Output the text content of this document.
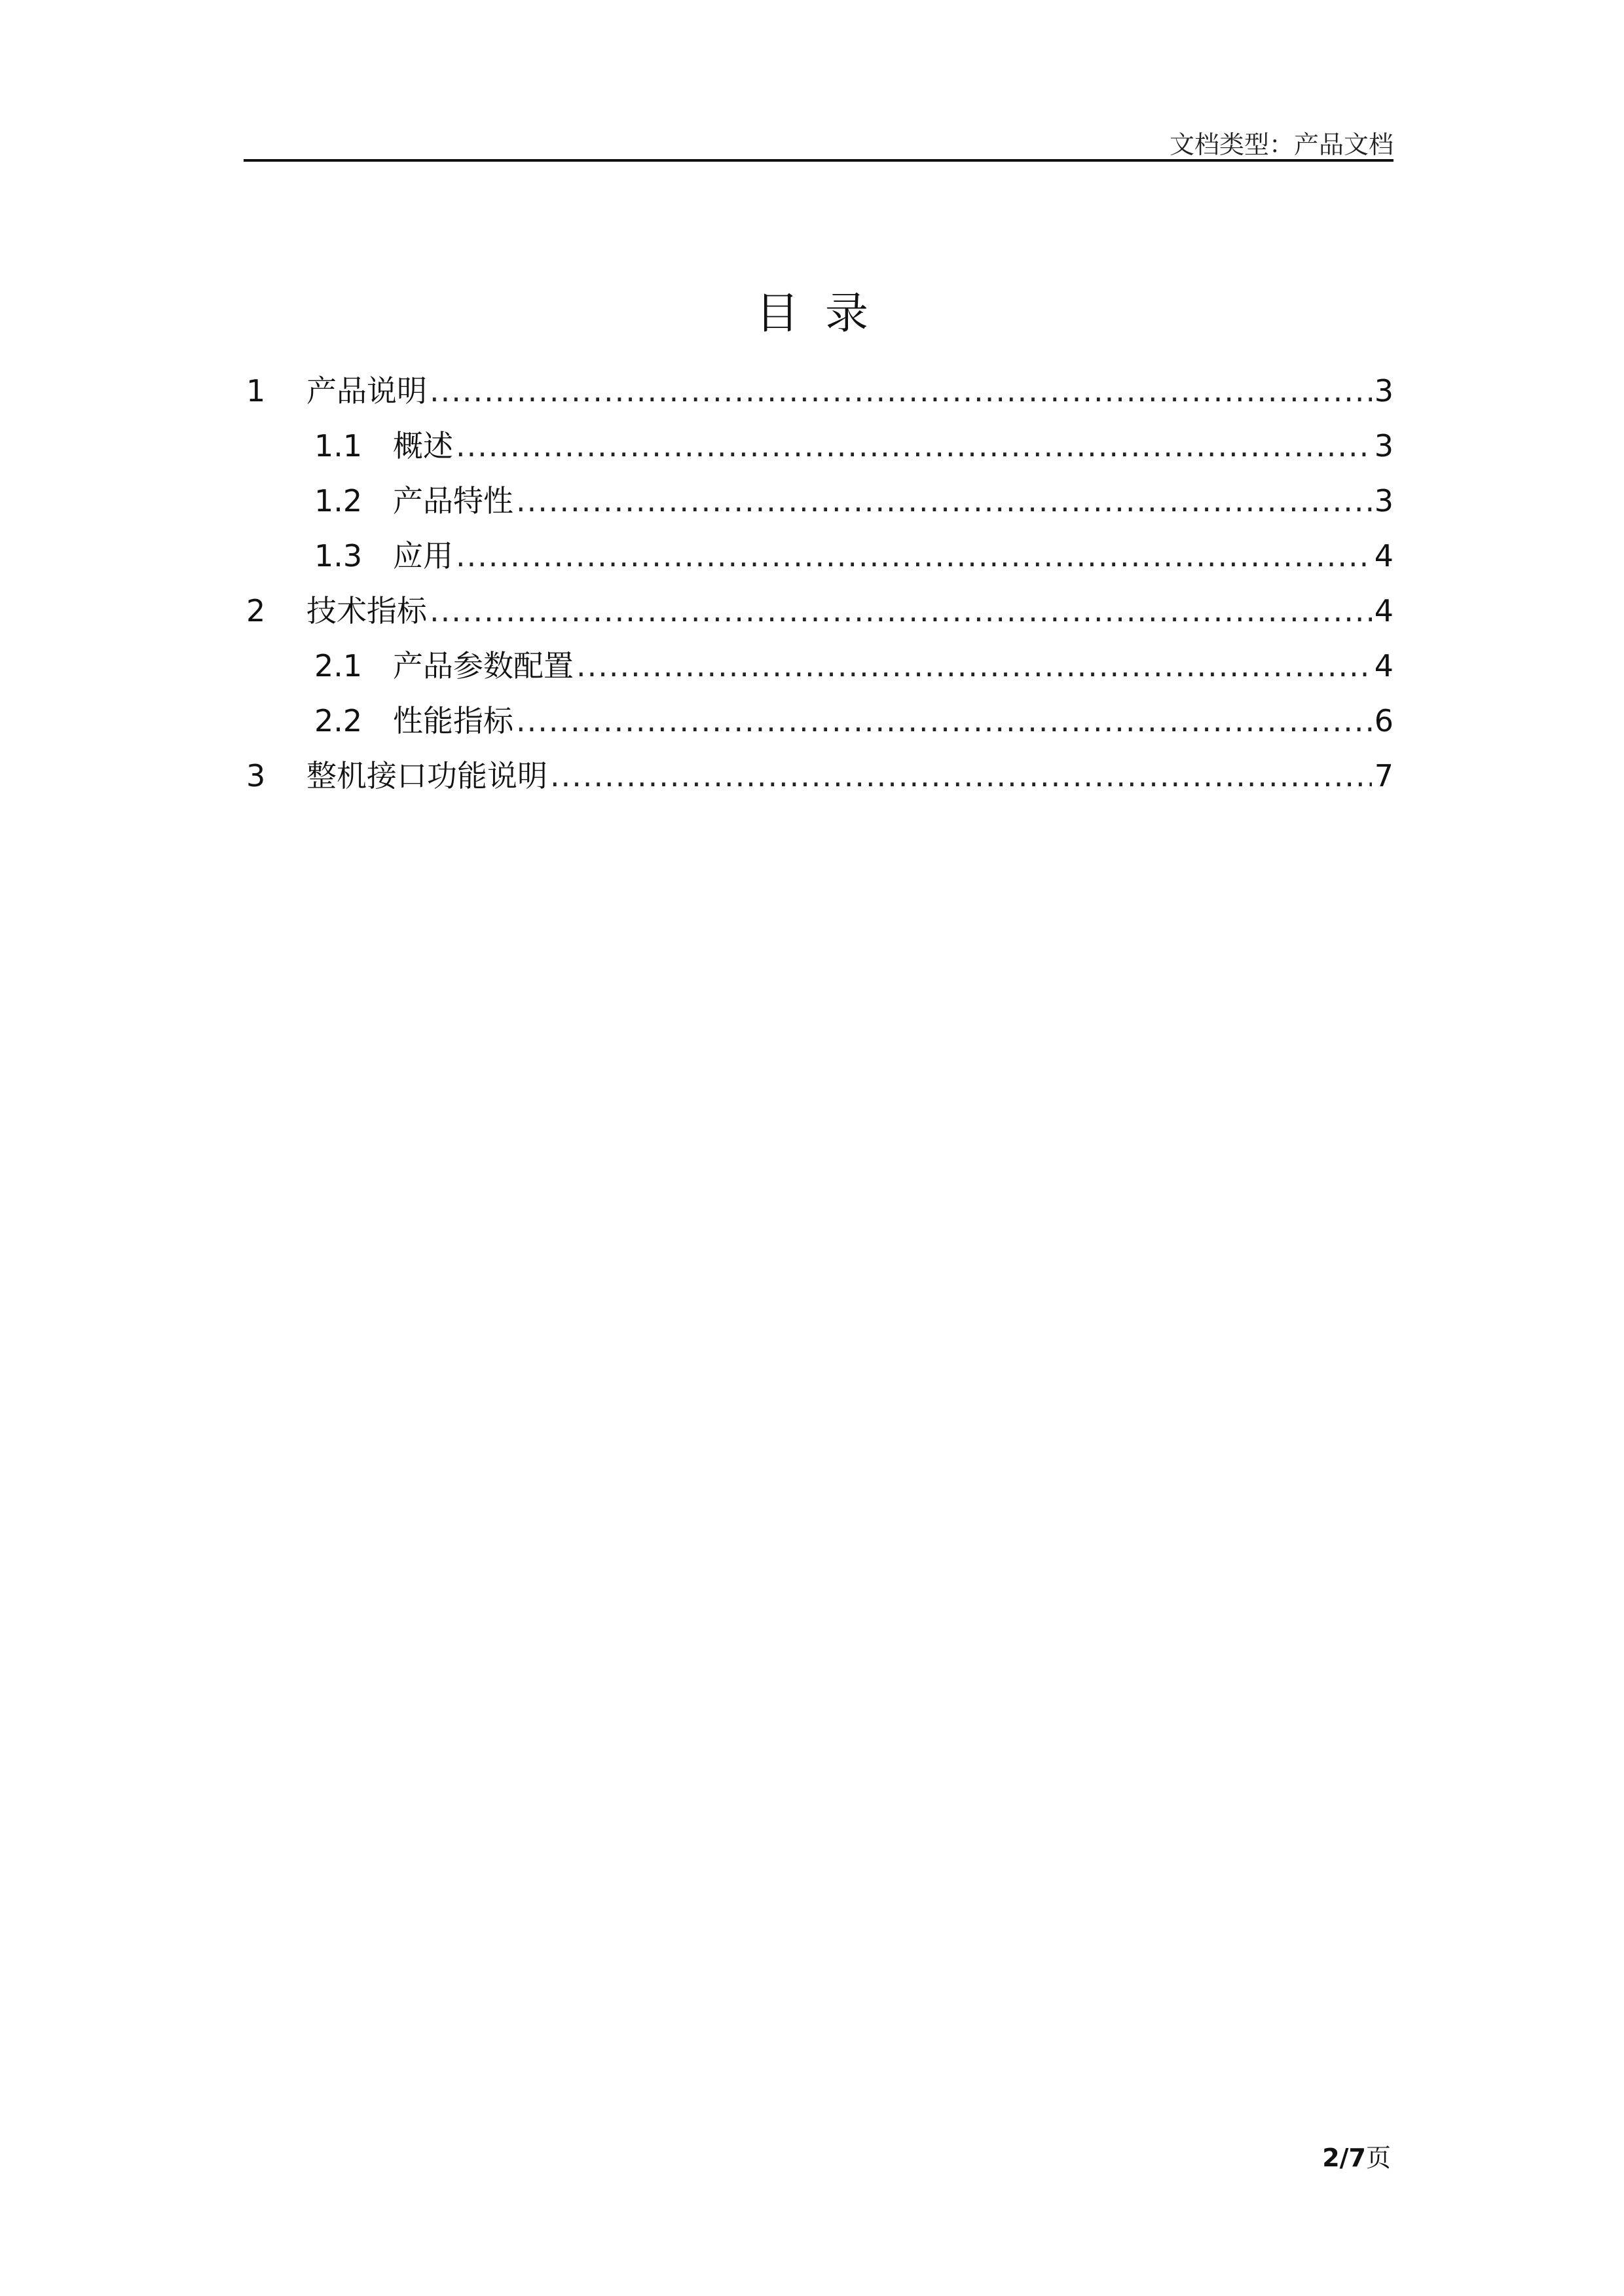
文档类型：产品文档
目录
1	产品说明 .....	3
1.1	概述 .....	3
1.2	产品特性 .....	3
1.3	应用 .....	4
2	技术指标 .....	4
2.1	产品参数配置 .....	4
2.2	性能指标 .....	6
3	整机接口功能说明 .....	7
2/7页
